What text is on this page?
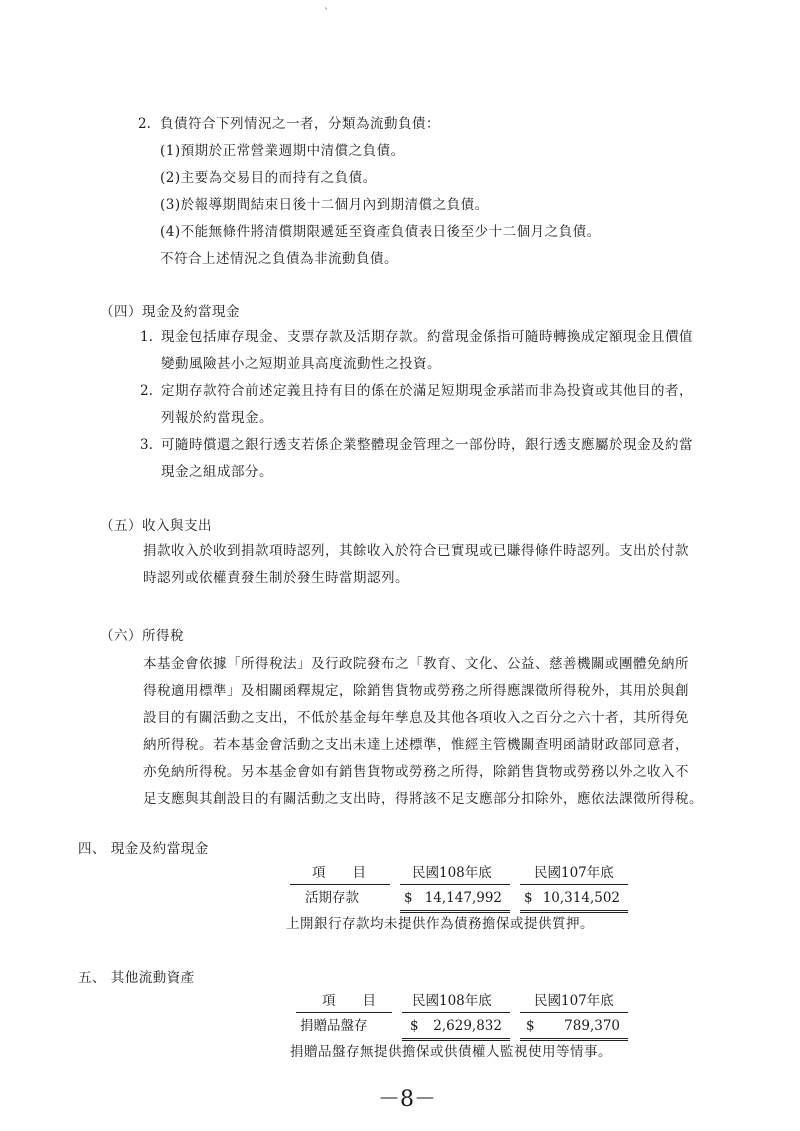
`
2. 負債符合下列情況之一者，分類為流動負債：
(1)預期於正常營業週期中清償之負債。
(2)主要為交易目的而持有之負債。
(3)於報導期間結束日後十二個月內到期清償之負債。
(4)不能無條件將清償期限遞延至資產負債表日後至少十二個月之負債。
不符合上述情況之負債為非流動負債。
（四）現金及約當現金
1. 現金包括庫存現金、支票存款及活期存款。約當現金係指可隨時轉換成定額現金且價值
變動風險甚小之短期並具高度流動性之投資。
2. 定期存款符合前述定義且持有目的係在於滿足短期現金承諾而非為投資或其他目的者，
列報於約當現金。
3. 可隨時償還之銀行透支若係企業整體現金管理之一部份時，銀行透支應屬於現金及約當
現金之組成部分。
（五）收入與支出
捐款收入於收到捐款項時認列，其餘收入於符合已實現或已賺得條件時認列。支出於付款
時認列或依權責發生制於發生時當期認列。
（六）所得稅
本基金會依據「所得稅法」及行政院發布之「教育、文化、公益、慈善機關或團體免納所
得稅適用標準」及相關函釋規定，除銷售貨物或勞務之所得應課徵所得稅外，其用於與創
設目的有關活動之支出，不低於基金每年孳息及其他各項收入之百分之六十者，其所得免
納所得稅。若本基金會活動之支出未達上述標準，惟經主管機關查明函請財政部同意者，
亦免納所得稅。另本基金會如有銷售貨物或勞務之所得，除銷售貨物或勞務以外之收入不
足支應與其創設目的有關活動之支出時，得將該不足支應部分扣除外，應依法課徵所得稅。
四、 現金及約當現金
項　　目	民國108年底	民國107年底
活期存款	$ 14,147,992 $ 10,314,502
上開銀行存款均未提供作為債務擔保或提供質押。
五、 其他流動資產
項　　目	民國108年底	民國107年底
捐贈品盤存	$	2,629,832 $	789,370
捐贈品盤存無提供擔保或供債權人監視使用等情事。
－8－
